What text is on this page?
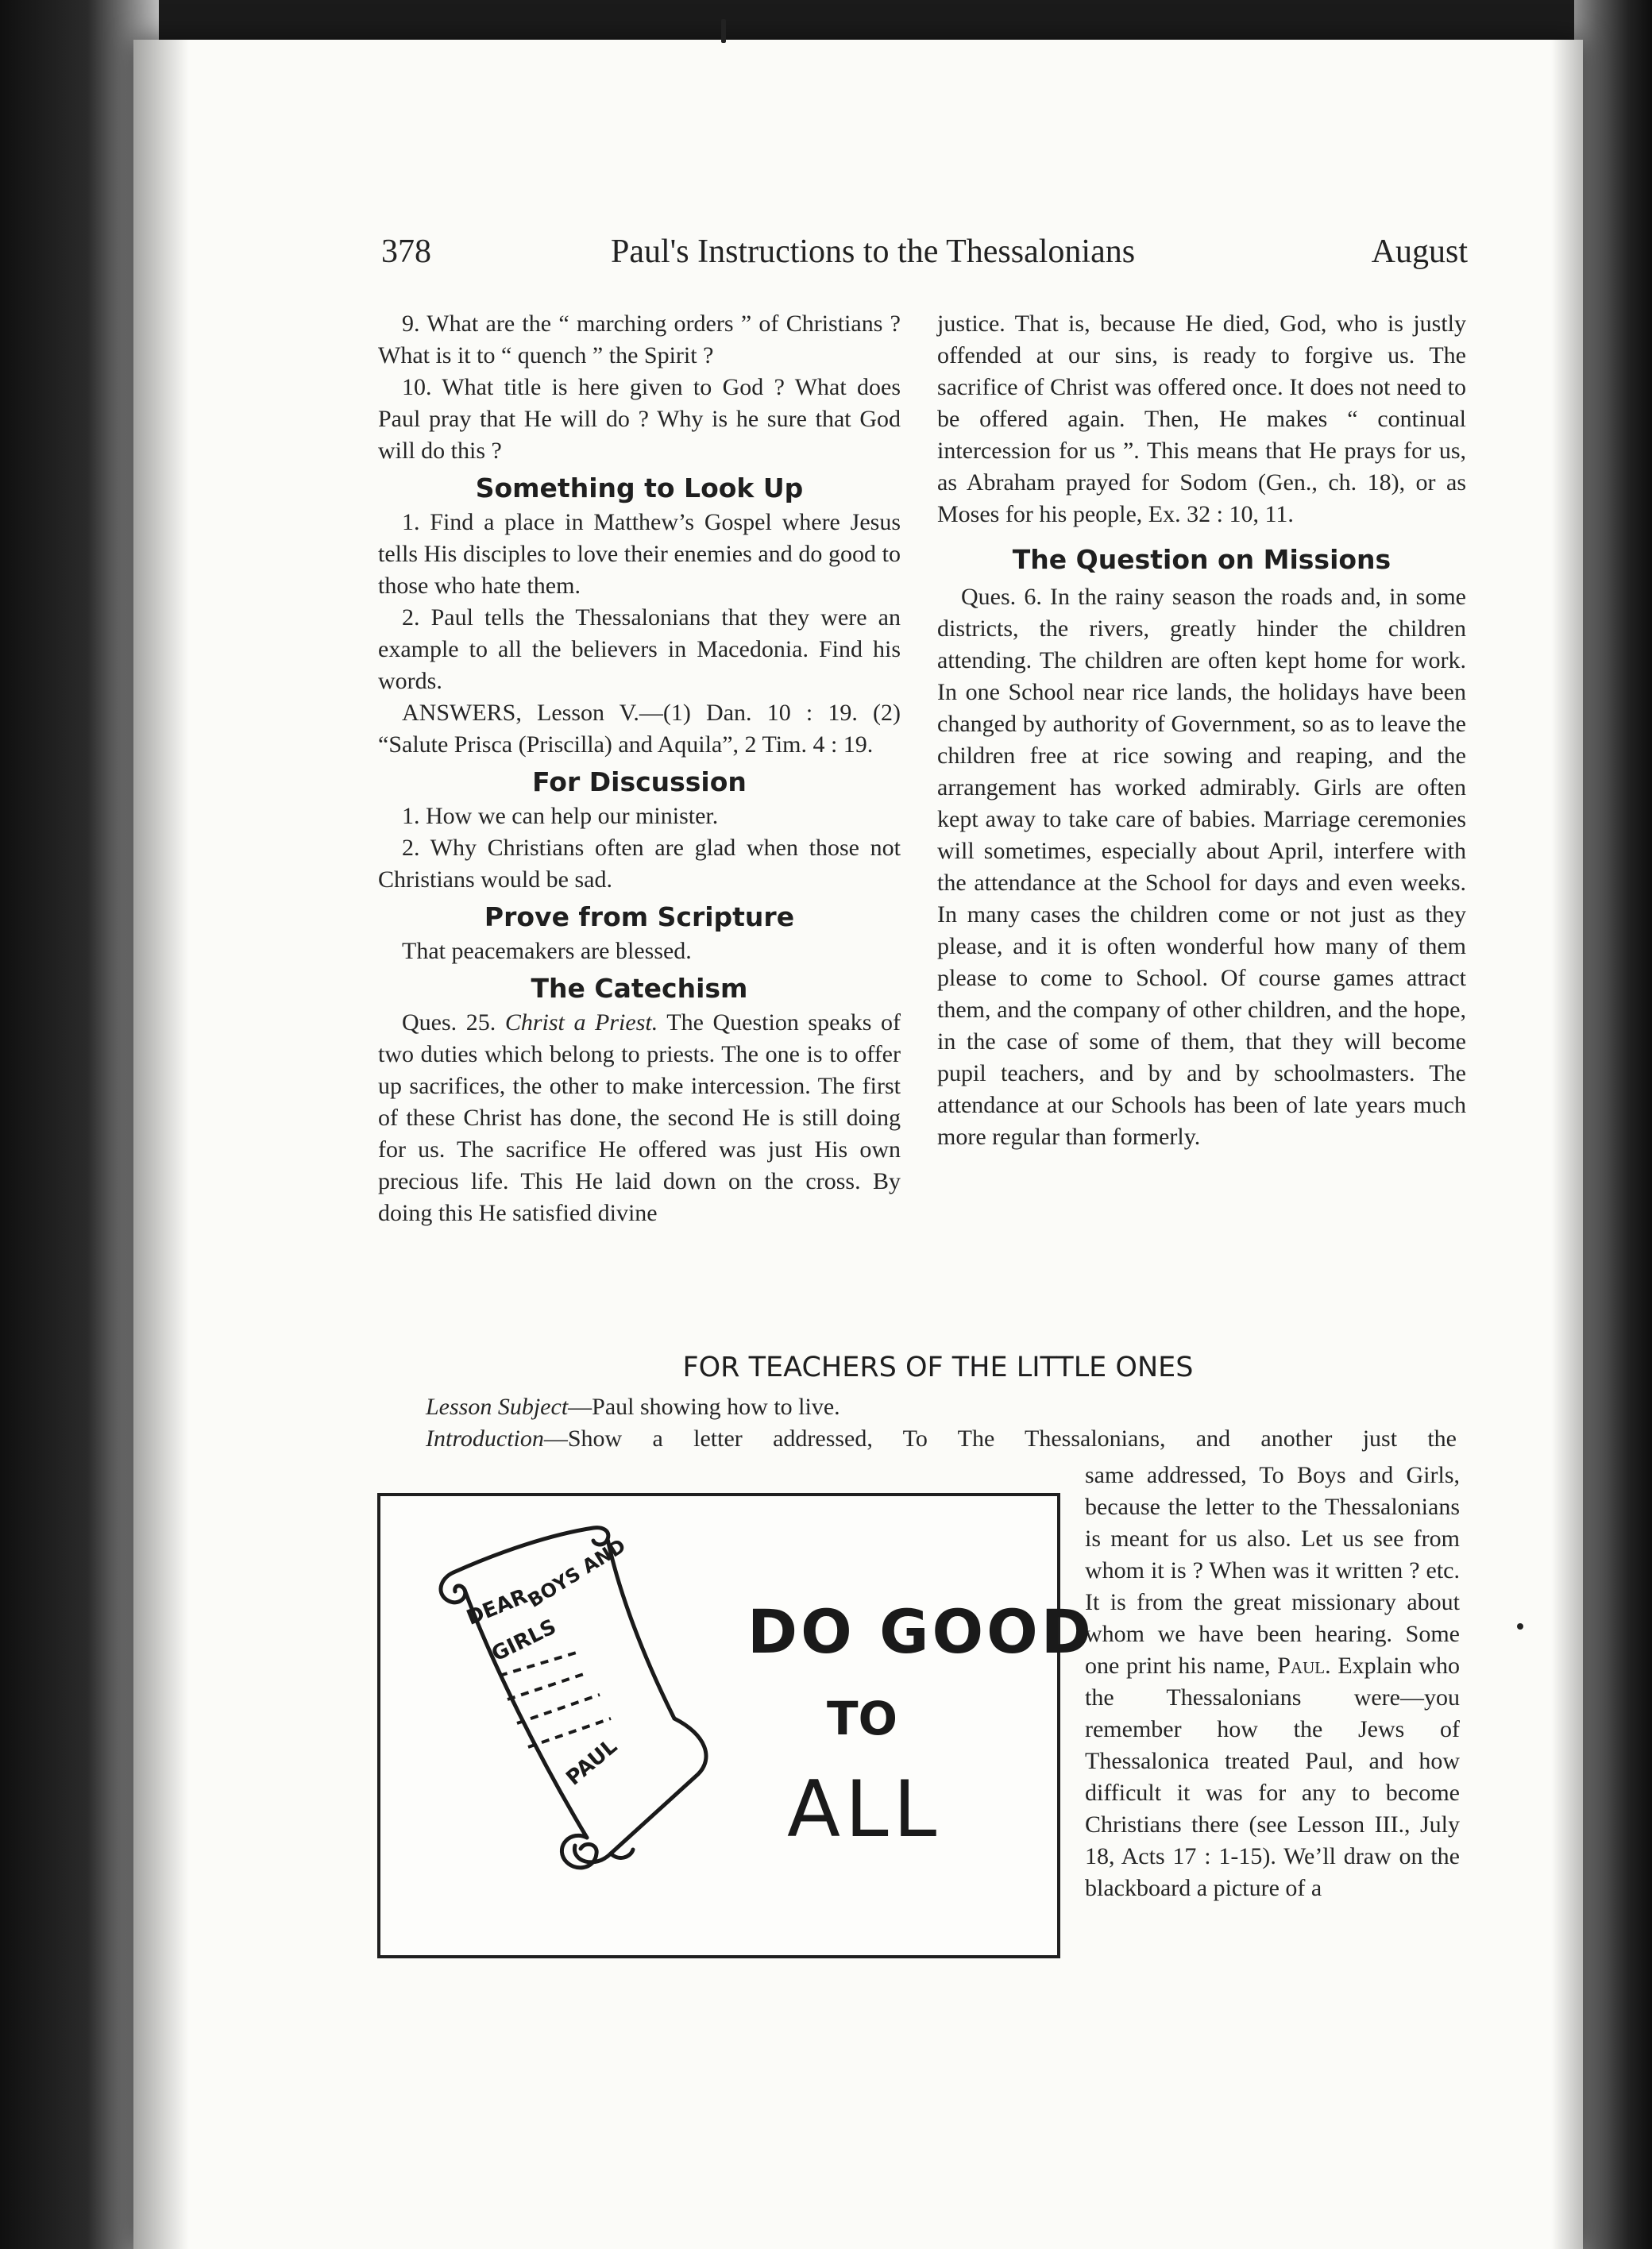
378	Paul's Instructions to the Thessalonians	August

9. What are the “ marching orders ” of Christians ? What is it to “ quench ” the Spirit ?

10. What title is here given to God ? What does Paul pray that He will do ? Why is he sure that God will do this ?

Something to Look Up

1. Find a place in Matthew’s Gospel where Jesus tells His disciples to love their enemies and do good to those who hate them.

2. Paul tells the Thessalonians that they were an example to all the believers in Macedonia. Find his words.

ANSWERS, Lesson V.—(1) Dan. 10 : 19. (2) “Salute Prisca (Priscilla) and Aquila”, 2 Tim. 4 : 19.

For Discussion

1. How we can help our minister.

2. Why Christians often are glad when those not Christians would be sad.

Prove from Scripture

That peacemakers are blessed.

The Catechism

Ques. 25. Christ a Priest. The Question speaks of two duties which belong to priests. The one is to offer up sacrifices, the other to make intercession. The first of these Christ has done, the second He is still doing for us. The sacrifice He offered was just His own precious life. This He laid down on the cross. By doing this He satisfied divine

justice. That is, because He died, God, who is justly offended at our sins, is ready to forgive us. The sacrifice of Christ was offered once. It does not need to be offered again. Then, He makes “ continual intercession for us ”. This means that He prays for us, as Abraham prayed for Sodom (Gen., ch. 18), or as Moses for his people, Ex. 32 : 10, 11.

The Question on Missions

Ques. 6. In the rainy season the roads and, in some districts, the rivers, greatly hinder the children attending. The children are often kept home for work. In one School near rice lands, the holidays have been changed by authority of Government, so as to leave the children free at rice sowing and reaping, and the arrangement has worked admirably. Girls are often kept away to take care of babies. Marriage ceremonies will sometimes, especially about April, interfere with the attendance at the School for days and even weeks. In many cases the children come or not just as they please, and it is often wonderful how many of them please to come to School. Of course games attract them, and the company of other children, and the hope, in the case of some of them, that they will become pupil teachers, and by and by schoolmasters. The attendance at our Schools has been of late years much more regular than formerly.

FOR TEACHERS OF THE LITTLE ONES

Lesson Subject—Paul showing how to live.

Introduction—Show a letter addressed, To The Thessalonians, and another just the

same addressed, To Boys and Girls, because the letter to the Thessalonians is meant for us also. Let us see from whom it is ? When was it written ? etc. It is from the great missionary about whom we have been hearing. Some one print his name, Paul. Explain who the Thessalonians were—you remember how the Jews of Thessalonica treated Paul, and how difficult it was for any to become Christians there (see Lesson III., July 18, Acts 17 : 1-15). We’ll draw on the blackboard a picture of a

DEAR
BOYS AND
GIRLS
PAUL
DO GOOD
TO
ALL
